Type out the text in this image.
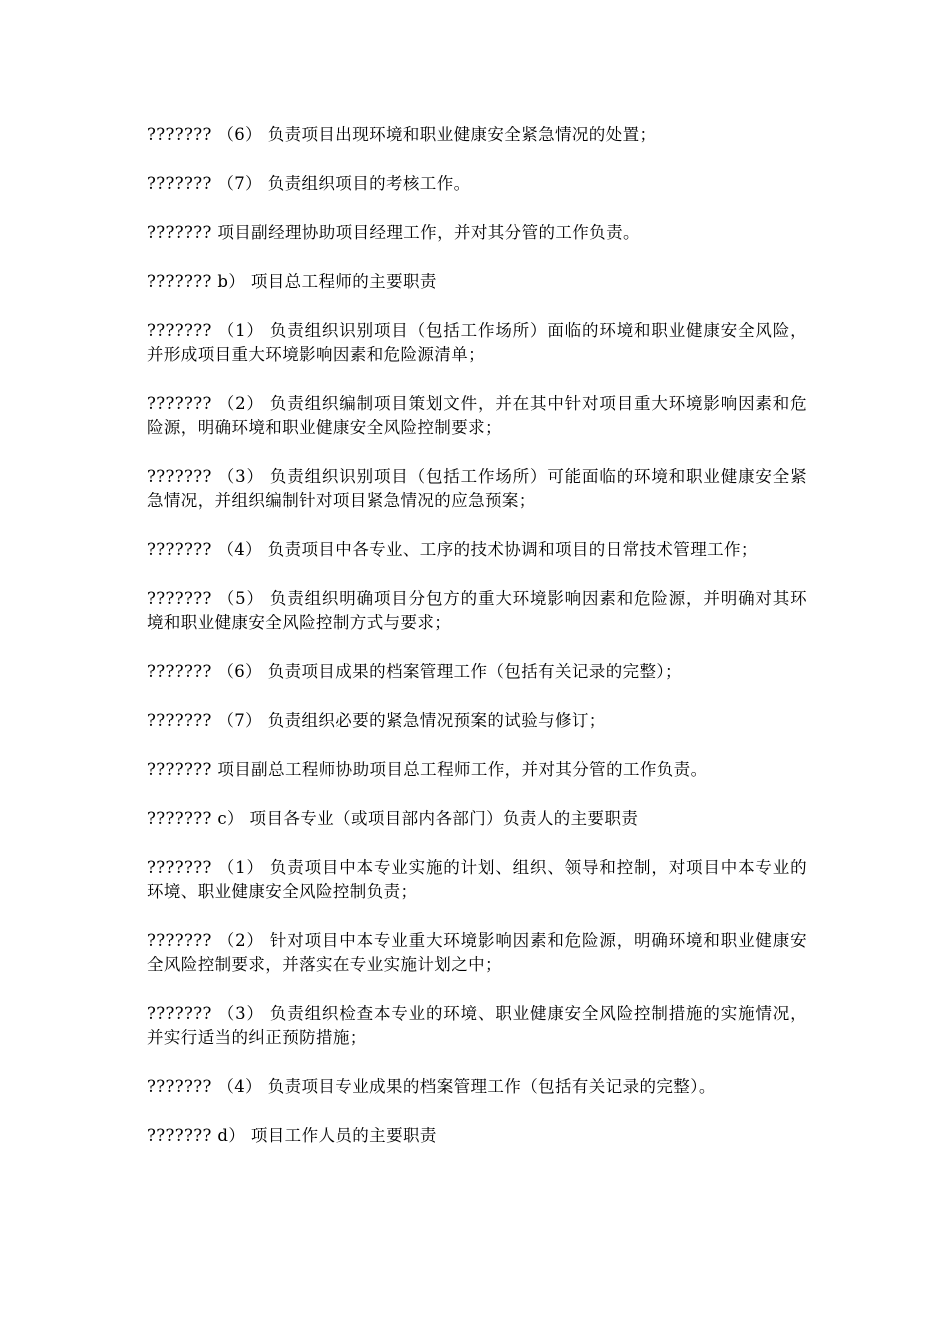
??????? （6） 负责项目出现环境和职业健康安全紧急情况的处置；

??????? （7） 负责组织项目的考核工作。

??????? 项目副经理协助项目经理工作，并对其分管的工作负责。

??????? b） 项目总工程师的主要职责

??????? （1） 负责组织识别项目（包括工作场所）面临的环境和职业健康安全风险，并形成项目重大环境影响因素和危险源清单；

??????? （2） 负责组织编制项目策划文件，并在其中针对项目重大环境影响因素和危险源，明确环境和职业健康安全风险控制要求；

??????? （3） 负责组织识别项目（包括工作场所）可能面临的环境和职业健康安全紧急情况，并组织编制针对项目紧急情况的应急预案；

??????? （4） 负责项目中各专业、工序的技术协调和项目的日常技术管理工作；

??????? （5） 负责组织明确项目分包方的重大环境影响因素和危险源，并明确对其环境和职业健康安全风险控制方式与要求；

??????? （6） 负责项目成果的档案管理工作（包括有关记录的完整）；

??????? （7） 负责组织必要的紧急情况预案的试验与修订；

??????? 项目副总工程师协助项目总工程师工作，并对其分管的工作负责。

??????? c） 项目各专业（或项目部内各部门）负责人的主要职责

??????? （1） 负责项目中本专业实施的计划、组织、领导和控制，对项目中本专业的环境、职业健康安全风险控制负责；

??????? （2） 针对项目中本专业重大环境影响因素和危险源，明确环境和职业健康安全风险控制要求，并落实在专业实施计划之中；

??????? （3） 负责组织检查本专业的环境、职业健康安全风险控制措施的实施情况，并实行适当的纠正预防措施；

??????? （4） 负责项目专业成果的档案管理工作（包括有关记录的完整）。

??????? d） 项目工作人员的主要职责
